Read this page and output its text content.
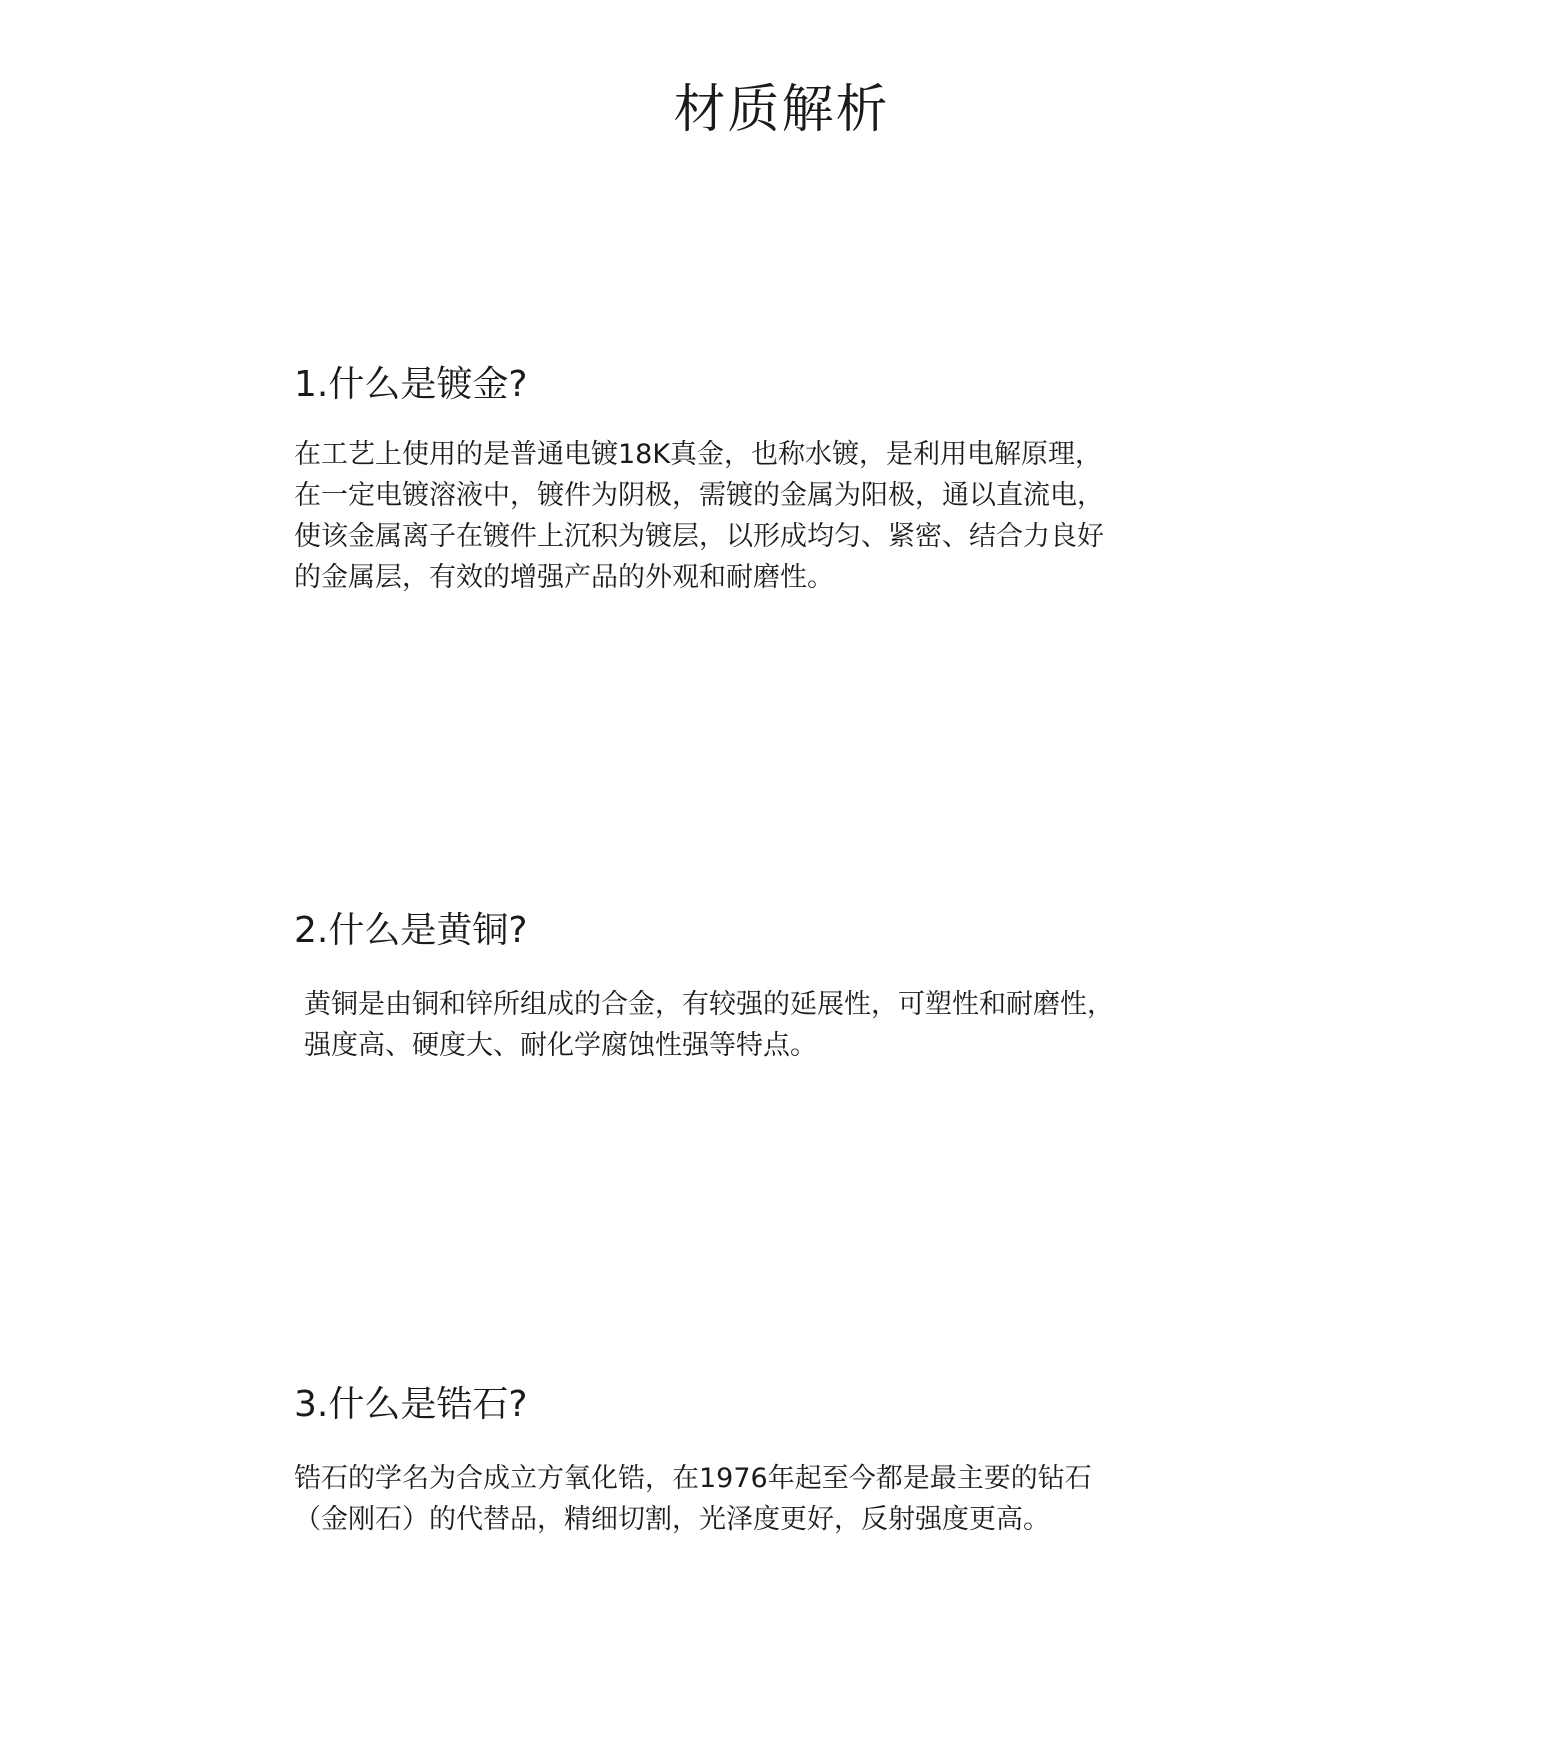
材质解析
1.什么是镀金?

在工艺上使用的是普通电镀18K真金，也称水镀，是利用电解原理，
在一定电镀溶液中，镀件为阴极，需镀的金属为阳极，通以直流电，
使该金属离子在镀件上沉积为镀层，以形成均匀、紧密、结合力良好
的金属层，有效的增强产品的外观和耐磨性。

2.什么是黄铜?

黄铜是由铜和锌所组成的合金，有较强的延展性，可塑性和耐磨性，
强度高、硬度大、耐化学腐蚀性强等特点。

3.什么是锆石?

锆石的学名为合成立方氧化锆，在1976年起至今都是最主要的钻石
（金刚石）的代替品，精细切割，光泽度更好，反射强度更高。
